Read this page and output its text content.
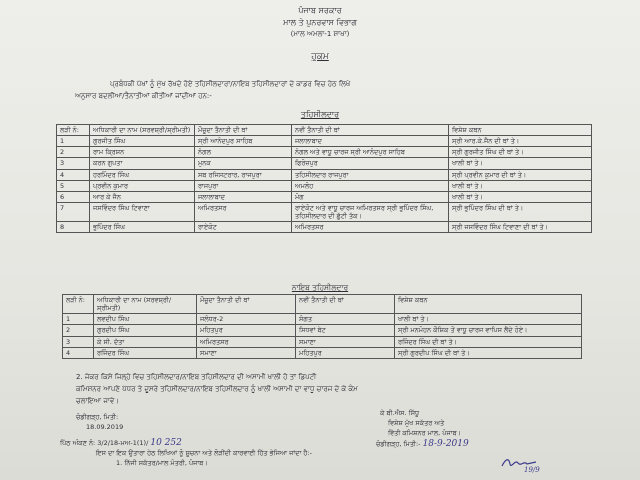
ਪੰਜਾਬ ਸਰਕਾਰ
ਮਾਲ ਤੇ ਪੁਨਰਵਾਸ ਵਿਭਾਗ
(ਮਾਲ ਅਮਲਾ-1 ਸ਼ਾਖਾ)
ਹੁਕਮ
ਪ੍ਰਬੰਧਕੀ ਪੱਖਾਂ ਨੂੰ ਮੁੱਖ ਰੱਖਦੇ ਹੋਏ ਤਹਿਸੀਲਦਾਰਾਂ/ਨਾਇਬ ਤਹਿਸੀਲਦਾਰਾਂ ਦੇ ਕਾਡਰ ਵਿਚ ਹੇਠ ਲਿਖੇ
ਅਨੁਸਾਰ ਬਦਲੀਆਂ/ਤੈਨਾਤੀਆਂ ਕੀਤੀਆਂ ਜਾਂਦੀਆਂ ਹਨ:-
ਤਹਿਸੀਲਦਾਰ
ਲੜੀ ਨੰ:	ਅਧਿਕਾਰੀ ਦਾ ਨਾਮ (ਸਰਵਸ਼੍ਰੀ/ਸ਼੍ਰੀਮਤੀ)	ਮੌਜੂਦਾ ਤੈਨਾਤੀ ਦੀ ਥਾਂ	ਨਵੀਂ ਤੈਨਾਤੀ ਦੀ ਥਾਂ	ਵਿਸ਼ੇਸ਼ ਕਥਨ
1	ਗੁਰਜੀਤ ਸਿੰਘ	ਸ੍ਰੀ ਆਨੰਦਪੁਰ ਸਾਹਿਬ	ਜਲਾਲਾਬਾਦ	ਸ੍ਰੀ ਆਰ.ਕੇ.ਜੈਨ ਦੀ ਥਾਂ ਤੇ।
2	ਰਾਮ ਕ੍ਰਿਸ਼ਨ	ਨੰਗਲ	ਨੰਗਲ ਅਤੇ ਵਾਧੂ ਚਾਰਜ ਸ੍ਰੀ ਆਨੰਦਪੁਰ ਸਾਹਿਬ	ਸ੍ਰੀ ਗੁਰਜੀਤ ਸਿੰਘ ਦੀ ਥਾਂ ਤੇ।
3	ਕਰਨ ਗੁਪਤਾ	ਮੁਨਕ	ਫਿਰੋਜ਼ਪੁਰ	ਖਾਲੀ ਥਾਂ ਤੇ।
4	ਹਰਮਿੰਦਰ ਸਿੰਘ	ਸਬ ਰਜਿਸਟਰਾਰ, ਰਾਜਪੁਰਾ	ਤਹਿਸੀਲਦਾਰ ਰਾਜਪੁਰਾ	ਸ੍ਰੀ ਪ੍ਰਵੀਨ ਕੁਮਾਰ ਦੀ ਥਾਂ ਤੇ।
5	ਪ੍ਰਵੀਨ ਕੁਮਾਰ	ਰਾਜਪੁਰਾ	ਅਮਲੋਹ	ਖਾਲੀ ਥਾਂ ਤੇ।
6	ਆਰ ਕੇ ਜੈਨ	ਜਲਾਲਾਬਾਦ	ਮੋਗ	ਖਾਲੀ ਥਾਂ ਤੇ।
7	ਜਸਵਿੰਦਰ ਸਿੰਘ ਟਿਵਾਣਾ	ਅਮਿਰਤਸਰ	ਰਾਏਕੋਟ ਅਤੇ ਵਾਧੂ ਚਾਰਜ ਅਮਿਰਤਸਰ ਸ੍ਰੀ ਭੁਪਿੰਦਰ ਸਿੰਘ, ਤਹਿਸੀਲਦਾਰ ਦੀ ਛੁੱਟੀ ਤੱਕ।	ਸ੍ਰੀ ਭੁਪਿੰਦਰ ਸਿੰਘ ਦੀ ਥਾਂ ਤੇ।
8	ਭੁਪਿੰਦਰ ਸਿੰਘ	ਰਾਏਕੋਟ	ਅਮਿਰਤਸਰ	ਸ੍ਰੀ ਜਸਵਿੰਦਰ ਸਿੰਘ ਟਿਵਾਣਾ ਦੀ ਥਾਂ ਤੇ।
ਨਾਇਬ ਤਹਿਸੀਲਦਾਰ
ਲੜੀ ਨੰ:	ਅਧਿਕਾਰੀ ਦਾ ਨਾਮ (ਸਰਵਸ਼੍ਰੀ/ਸ਼੍ਰੀਮਤੀ)	ਮੌਜੂਦਾ ਤੈਨਾਤੀ ਦੀ ਥਾਂ	ਨਵੀਂ ਤੈਨਾਤੀ ਦੀ ਥਾਂ	ਵਿਸ਼ੇਸ਼ ਕਥਨ
1	ਲਵਦੀਪ ਸਿੰਘ	ਜਲੰਧਰ-2	ਸੰਗਤ	ਖਾਲੀ ਥਾਂ ਤੇ।
2	ਗੁਰਦੀਪ ਸਿੰਘ	ਮਹਿਤਪੁਰ	ਸਿਧਵਾਂ ਬੇਟ	ਸ੍ਰੀ ਮਨਮੋਹਨ ਕੌਸ਼ਿਕ ਤੋਂ ਵਾਧੂ ਚਾਰਜ ਵਾਪਿਸ ਲੈਂਦੇ ਹੋਏ।
3	ਕੇ ਸੀ. ਦੱਤਾ	ਅਮਿਰਤਸਰ	ਸਮਾਣਾ	ਰਜਿੰਦਰ ਸਿੰਘ ਦੀ ਥਾਂ ਤੇ।
4	ਰਜਿੰਦਰ ਸਿੰਘ	ਸਮਾਣਾ	ਮਹਿਤਪੁਰ	ਸ੍ਰੀ ਗੁਰਦੀਪ ਸਿੰਘ ਦੀ ਥਾਂ ਤੇ।
2. ਜੇਕਰ ਕਿਸੇ ਜਿਲ੍ਹੇ ਵਿਚ ਤਹਿਸੀਲਦਾਰ/ਨਾਇਬ ਤਹਿਸੀਲਦਾਰ ਦੀ ਅਸਾਮੀ ਖਾਲੀ ਹੋ ਤਾਂ ਡਿਪਟੀ
ਕਮਿਸ਼ਨਰ ਆਪਣੇ ਪੱਧਰ ਤੇ ਦੂਸਰੇ ਤਹਿਸੀਲਦਾਰ/ਨਾਇਬ ਤਹਿਸੀਲਦਾਰ ਨੂੰ ਖਾਲੀ ਅਸਾਮੀ ਦਾ ਵਾਧੂ ਚਾਰਜ ਦੇ ਕੇ ਕੰਮ
ਚਲਾਇਆ ਜਾਵੇ।
ਕੇ ਬੀ.ਐਸ. ਸਿੱਧੂ
ਚੰਡੀਗੜ੍ਹ, ਮਿਤੀ:
ਵਿਸ਼ੇਸ਼ ਮੁੱਖ ਸਕੱਤਰ ਅਤੇ
18.09.2019
ਵਿੱਤੀ ਕਮਿਸ਼ਨਰ ਮਾਲ, ਪੰਜਾਬ।
ਪਿੱਠ ਅੰਕਣ ਨੰ: 3/2/18-ਮਅ-1(1)/ 10 252	ਚੰਡੀਗੜ੍ਹ, ਮਿਤੀ:- 18-9-2019
ਇਸ ਦਾ ਇਕ ਉਤਾਰਾ ਹੇਠ ਲਿਖਿਆਂ ਨੂੰ ਸੂਚਨਾ ਅਤੇ ਲੋੜੀਂਦੀ ਕਾਰਵਾਈ ਹਿੱਤ ਭੇਜਿਆ ਜਾਂਦਾ ਹੈ:-
1. ਨਿੱਜੀ ਸਕੱਤਰ/ਮਾਲ ਮੰਤਰੀ, ਪੰਜਾਬ।
19/9
